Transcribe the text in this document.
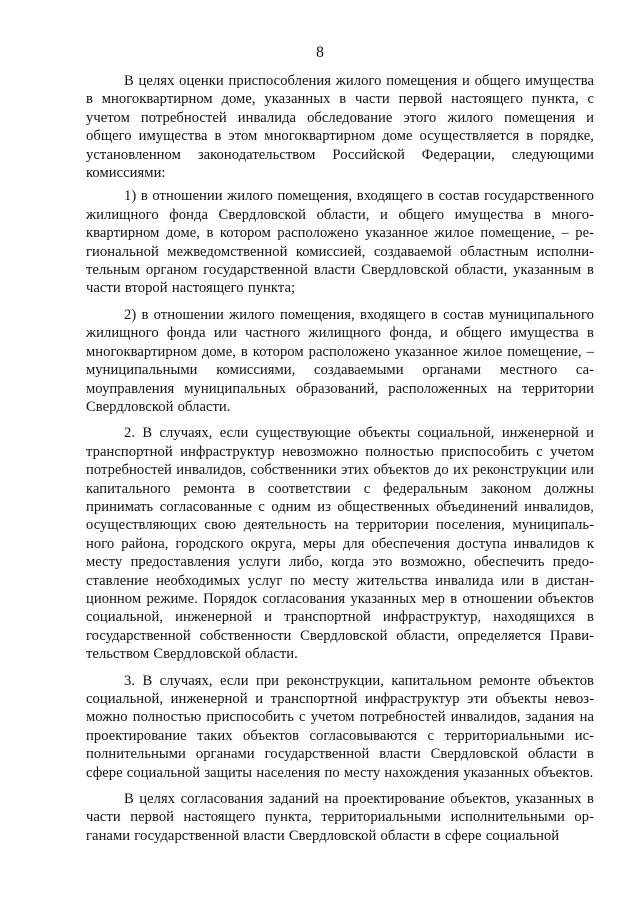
8

В целях оценки приспособления жилого помещения и общего имущества в многоквартирном доме, указанных в части первой настоящего пункта, с учетом потребностей инвалида обследование этого жилого помещения и общего имущества в этом многоквартирном доме осуществляется в порядке, установленном законодательством Российской Федерации, следующими комиссиями:

1) в отношении жилого помещения, входящего в состав государственного жилищного фонда Свердловской области, и общего имущества в многоквартирном доме, в котором расположено указанное жилое помещение, – региональной межведомственной комиссией, создаваемой областным исполнительным органом государственной власти Свердловской области, указанным в части второй настоящего пункта;

2) в отношении жилого помещения, входящего в состав муниципального жилищного фонда или частного жилищного фонда, и общего имущества в многоквартирном доме, в котором расположено указанное жилое помещение, – муниципальными комиссиями, создаваемыми органами местного самоуправления муниципальных образований, расположенных на территории Свердловской области.

2. В случаях, если существующие объекты социальной, инженерной и транспортной инфраструктур невозможно полностью приспособить с учетом потребностей инвалидов, собственники этих объектов до их реконструкции или капитального ремонта в соответствии с федеральным законом должны принимать согласованные с одним из общественных объединений инвалидов, осуществляющих свою деятельность на территории поселения, муниципального района, городского округа, меры для обеспечения доступа инвалидов к месту предоставления услуги либо, когда это возможно, обеспечить предоставление необходимых услуг по месту жительства инвалида или в дистанционном режиме. Порядок согласования указанных мер в отношении объектов социальной, инженерной и транспортной инфраструктур, находящихся в государственной собственности Свердловской области, определяется Правительством Свердловской области.

3. В случаях, если при реконструкции, капитальном ремонте объектов социальной, инженерной и транспортной инфраструктур эти объекты невозможно полностью приспособить с учетом потребностей инвалидов, задания на проектирование таких объектов согласовываются с территориальными исполнительными органами государственной власти Свердловской области в сфере социальной защиты населения по месту нахождения указанных объектов.

В целях согласования заданий на проектирование объектов, указанных в части первой настоящего пункта, территориальными исполнительными органами государственной власти Свердловской области в сфере социальной
